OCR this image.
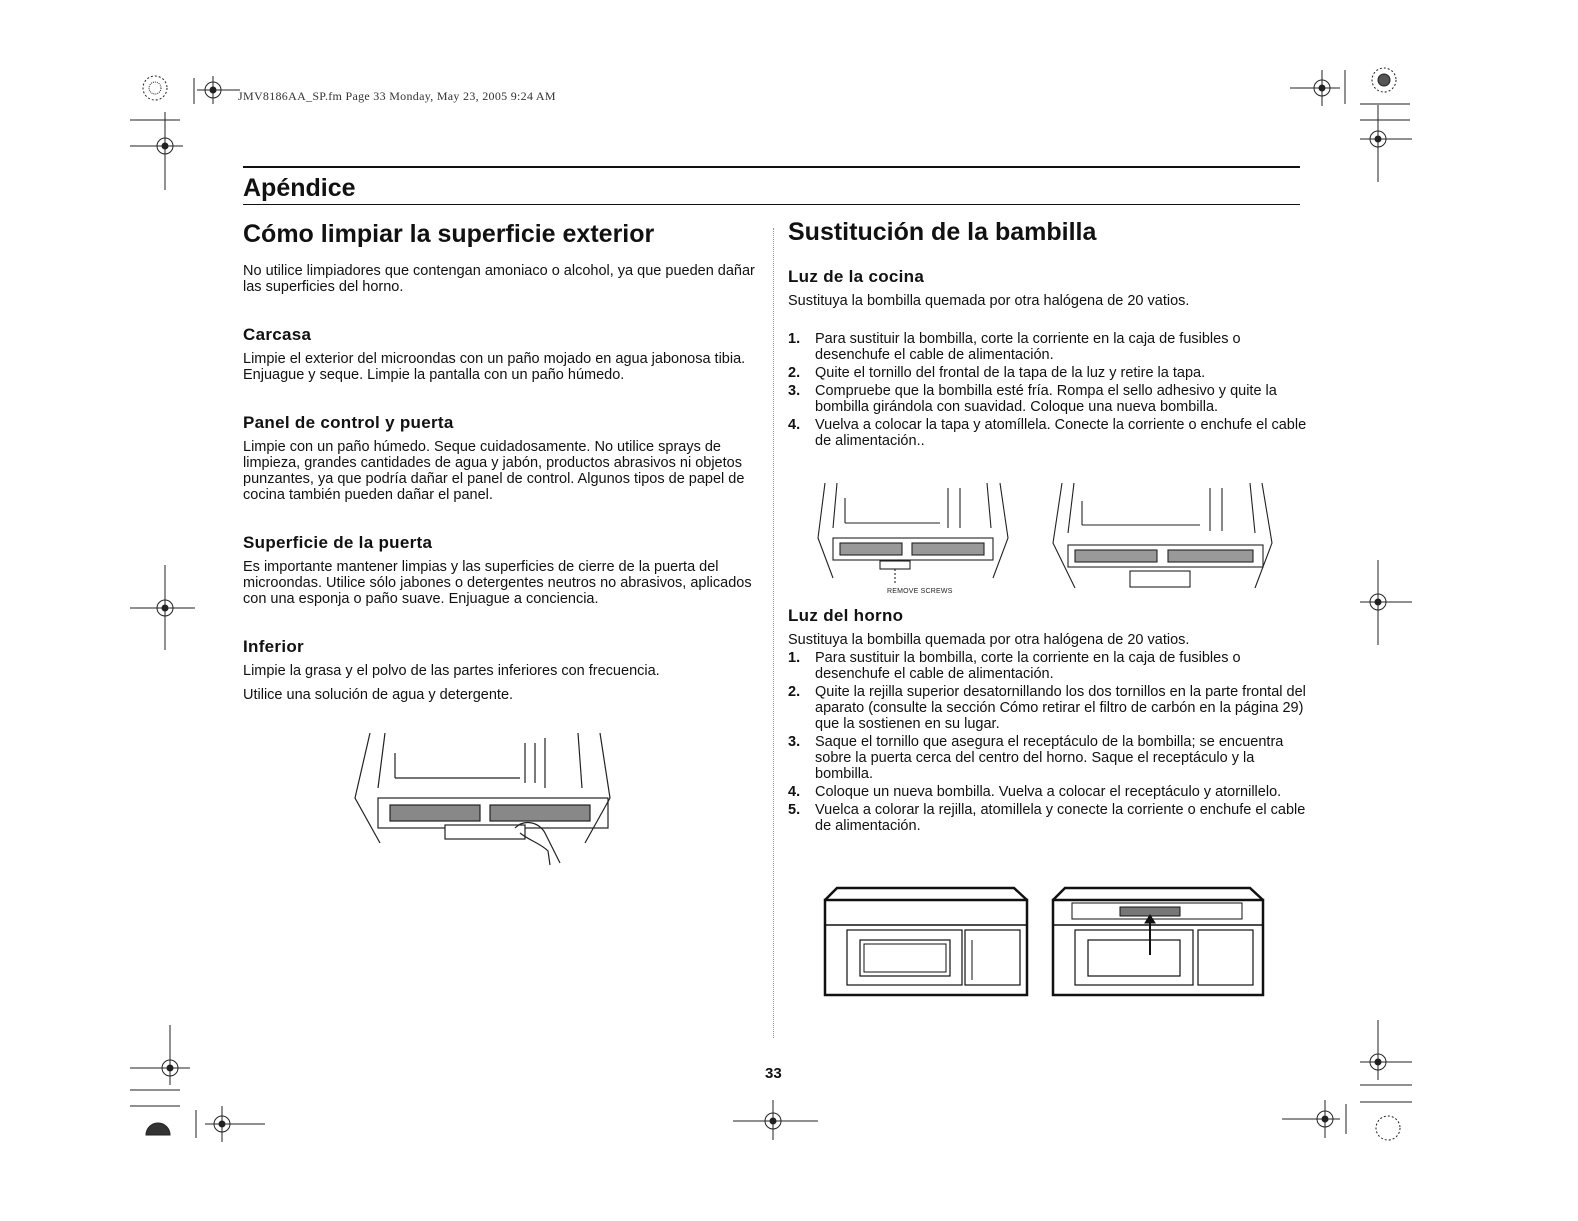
JMV8186AA_SP.fm Page 33 Monday, May 23, 2005 9:24 AM
Apéndice
Cómo limpiar la superficie exterior

No utilice limpiadores que contengan amoniaco o alcohol, ya que pueden dañar las superficies del horno.

Carcasa

Limpie el exterior del microondas con un paño mojado en agua jabonosa tibia. Enjuague y seque. Limpie la pantalla con un paño húmedo.

Panel de control y puerta

Limpie con un paño húmedo. Seque cuidadosamente. No utilice sprays de limpieza, grandes cantidades de agua y jabón, productos abrasivos ni objetos punzantes, ya que podría dañar el panel de control. Algunos tipos de papel de cocina también pueden dañar el panel.

Superficie de la puerta

Es importante mantener limpias y las superficies de cierre de la puerta del microondas. Utilice sólo jabones o detergentes neutros no abrasivos, aplicados con una esponja o paño suave. Enjuague a conciencia.

Inferior

Limpie la grasa y el polvo de las partes inferiores con frecuencia.

Utilice una solución de agua y detergente.

Sustitución de la bambilla
Luz de la cocina

Sustituya la bombilla quemada por otra halógena de 20 vatios.

1. Para sustituir la bombilla, corte la corriente en la caja de fusibles o desenchufe el cable de alimentación.
2. Quite el tornillo del frontal de la tapa de la luz y retire la tapa.
3. Compruebe que la bombilla esté fría. Rompa el sello adhesivo y quite la bombilla girándola con suavidad. Coloque una nueva bombilla.
4. Vuelva a colocar la tapa y atomíllela. Conecte la corriente o enchufe el cable de alimentación..
REMOVE SCREWS
Luz del horno

Sustituya la bombilla quemada por otra halógena de 20 vatios.

1. Para sustituir la bombilla, corte la corriente en la caja de fusibles o desenchufe el cable de alimentación.
2. Quite la rejilla superior desatornillando los dos tornillos en la parte frontal del aparato (consulte la sección Cómo retirar el filtro de carbón en la página 29) que la sostienen en su lugar.
3. Saque el tornillo que asegura el receptáculo de la bombilla; se encuentra sobre la puerta cerca del centro del horno. Saque el receptáculo y la bombilla.
4. Coloque un nueva bombilla. Vuelva a colocar el receptáculo y atornillelo.
5. Vuelca a colorar la rejilla, atomillela y conecte la corriente o enchufe el cable de alimentación.
33
